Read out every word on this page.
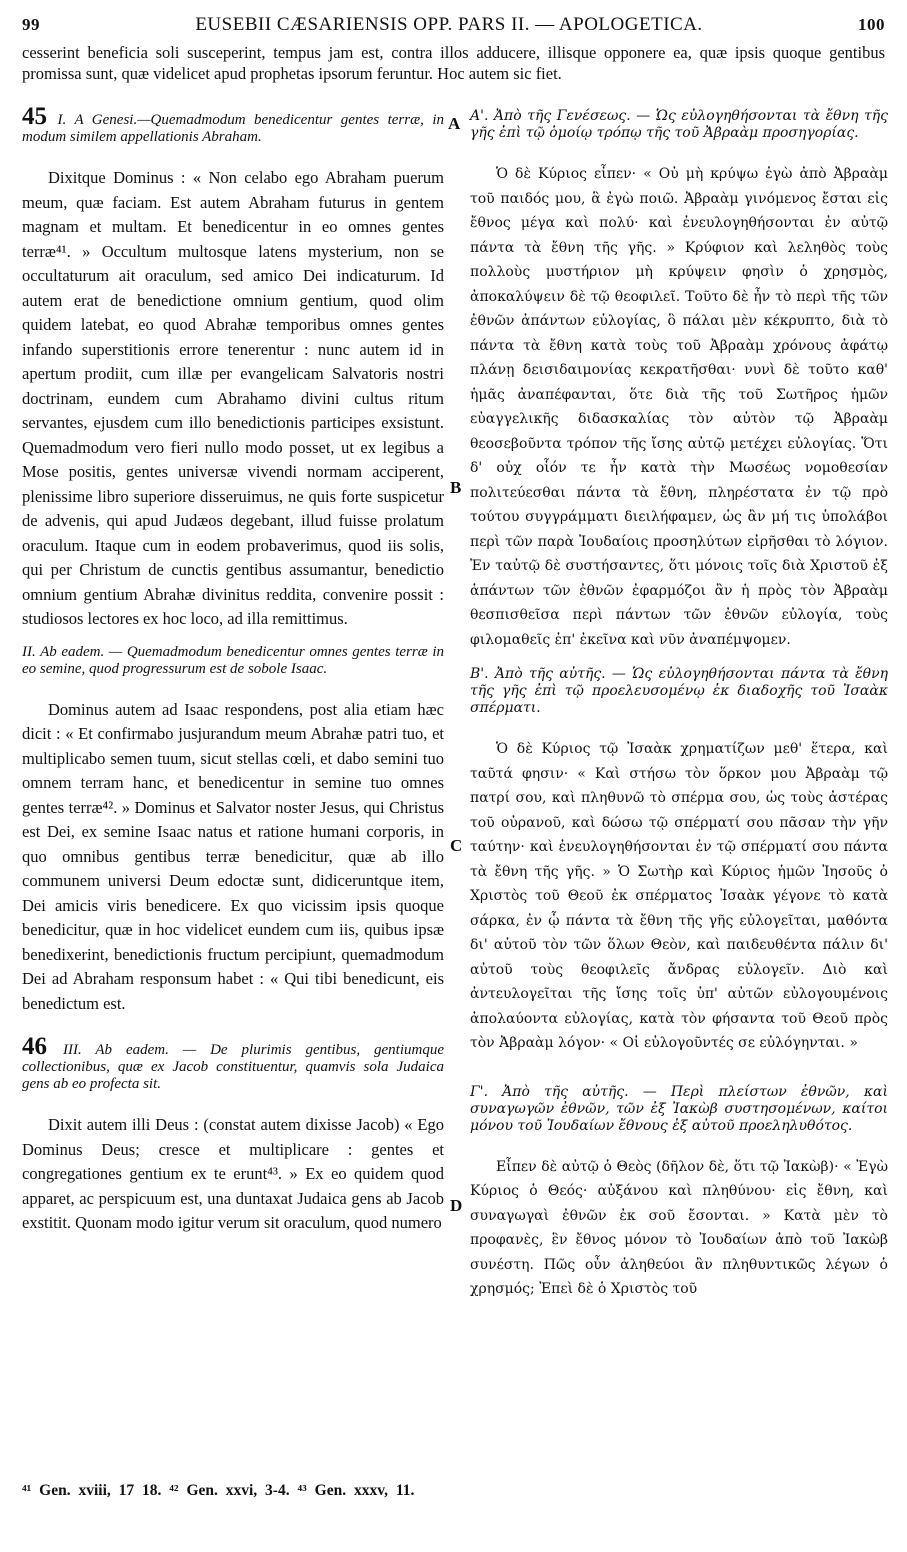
99	EUSEBII CÆSARIENSIS OPP. PARS II. — APOLOGETICA.	100
cesserint beneficia soli susceperint, tempus jam est, contra illos adducere, illisque opponere ea, quæ ipsis quoque gentibus promissa sunt, quæ videlicet apud prophetas ipsorum feruntur. Hoc autem sic fiet.
45 I. A Genesi.—Quemadmodum benedicentur gentes terræ, in modum similem appellationis Abraham.

Dixitque Dominus : « Non celabo ego Abraham puerum meum, quæ faciam. Est autem Abraham futurus in gentem magnam et multam. Et benedicentur in eo omnes gentes terræ⁴¹. » Occultum multosque latens mysterium, non se occultaturum ait oraculum, sed amico Dei indicaturum. Id autem erat de benedictione omnium gentium, quod olim quidem latebat, eo quod Abrahæ temporibus omnes gentes infando superstitionis errore tenerentur : nunc autem id in apertum prodiit, cum illæ per evangelicam Salvatoris nostri doctrinam, eundem cum Abrahamo divini cultus ritum servantes, ejusdem cum illo benedictionis participes exsistunt. Quemadmodum vero fieri nullo modo posset, ut ex legibus a Mose positis, gentes universæ vivendi normam acciperent, plenissime libro superiore disseruimus, ne quis forte suspicetur de advenis, qui apud Judæos degebant, illud fuisse prolatum oraculum. Itaque cum in eodem probaverimus, quod iis solis, qui per Christum de cunctis gentibus assumantur, benedictio omnium gentium Abrahæ divinitus reddita, convenire possit : studiosos lectores ex hoc loco, ad illa remittimus.

II. Ab eadem. — Quemadmodum benedicentur omnes gentes terræ in eo semine, quod progressurum est de sobole Isaac.

Dominus autem ad Isaac respondens, post alia etiam hæc dicit : « Et confirmabo jusjurandum meum Abrahæ patri tuo, et multiplicabo semen tuum, sicut stellas cœli, et dabo semini tuo omnem terram hanc, et benedicentur in semine tuo omnes gentes terræ⁴². » Dominus et Salvator noster Jesus, qui Christus est Dei, ex semine Isaac natus et ratione humani corporis, in quo omnibus gentibus terræ benedicitur, quæ ab illo communem universi Deum edoctæ sunt, didiceruntque item, Dei amicis viris benedicere. Ex quo vicissim ipsis quoque benedicitur, quæ in hoc videlicet eundem cum iis, quibus ipsæ benedixerint, benedictionis fructum percipiunt, quemadmodum Dei ad Abraham responsum habet : « Qui tibi benedicunt, eis benedictum est.

46 III. Ab eadem. — De plurimis gentibus, gentiumque collectionibus, quæ ex Jacob constituentur, quamvis sola Judaica gens ab eo profecta sit.

Dixit autem illi Deus : (constat autem dixisse Jacob) « Ego Dominus Deus; cresce et multiplicare : gentes et congregationes gentium ex te erunt⁴³. » Ex eo quidem quod apparet, ac perspicuum est, una duntaxat Judaica gens ab Jacob exstitit. Quonam modo igitur verum sit oraculum, quod numero

A
B
C
D
Α'. Ἀπὸ τῆς Γενέσεως. — Ὡς εὐλογηθήσονται τὰ ἔθνη τῆς γῆς ἐπὶ τῷ ὁμοίῳ τρόπῳ τῆς τοῦ Ἀβραὰμ προσηγορίας.

Ὁ δὲ Κύριος εἶπεν· « Οὐ μὴ κρύψω ἐγὼ ἀπὸ Ἀβραὰμ τοῦ παιδός μου, ἃ ἐγὼ ποιῶ. Ἀβραὰμ γινόμενος ἔσται εἰς ἔθνος μέγα καὶ πολύ· καὶ ἐνευλογηθήσονται ἐν αὐτῷ πάντα τὰ ἔθνη τῆς γῆς. » Κρύφιον καὶ λεληθὸς τοὺς πολλοὺς μυστήριον μὴ κρύψειν φησὶν ὁ χρησμὸς, ἀποκαλύψειν δὲ τῷ θεοφιλεῖ. Τοῦτο δὲ ἦν τὸ περὶ τῆς τῶν ἐθνῶν ἁπάντων εὐλογίας, ὃ πάλαι μὲν κέκρυπτο, διὰ τὸ πάντα τὰ ἔθνη κατὰ τοὺς τοῦ Ἀβραὰμ χρόνους ἀφάτῳ πλάνῃ δεισιδαιμονίας κεκρατῆσθαι· νυνὶ δὲ τοῦτο καθ' ἡμᾶς ἀναπέφανται, ὅτε διὰ τῆς τοῦ Σωτῆρος ἡμῶν εὐαγγελικῆς διδασκαλίας τὸν αὐτὸν τῷ Ἀβραὰμ θεοσεβοῦντα τρόπον τῆς ἴσης αὐτῷ μετέχει εὐλογίας. Ὅτι δ' οὐχ οἷόν τε ἦν κατὰ τὴν Μωσέως νομοθεσίαν πολιτεύεσθαι πάντα τὰ ἔθνη, πληρέστατα ἐν τῷ πρὸ τούτου συγγράμματι διειλήφαμεν, ὡς ἂν μή τις ὑπολάβοι περὶ τῶν παρὰ Ἰουδαίοις προσηλύτων εἰρῆσθαι τὸ λόγιον. Ἐν ταὐτῷ δὲ συστήσαντες, ὅτι μόνοις τοῖς διὰ Χριστοῦ ἐξ ἁπάντων τῶν ἐθνῶν ἐφαρμόζοι ἂν ἡ πρὸς τὸν Ἀβραὰμ θεσπισθεῖσα περὶ πάντων τῶν ἐθνῶν εὐλογία, τοὺς φιλομαθεῖς ἐπ' ἐκεῖνα καὶ νῦν ἀναπέμψομεν.

Β'. Ἀπὸ τῆς αὐτῆς. — Ὡς εὐλογηθήσονται πάντα τὰ ἔθνη τῆς γῆς ἐπὶ τῷ προελευσομένῳ ἐκ διαδοχῆς τοῦ Ἰσαὰκ σπέρματι.

Ὁ δὲ Κύριος τῷ Ἰσαὰκ χρηματίζων μεθ' ἕτερα, καὶ ταῦτά φησιν· « Καὶ στήσω τὸν ὅρκον μου Ἀβραὰμ τῷ πατρί σου, καὶ πληθυνῶ τὸ σπέρμα σου, ὡς τοὺς ἀστέρας τοῦ οὐρανοῦ, καὶ δώσω τῷ σπέρματί σου πᾶσαν τὴν γῆν ταύτην· καὶ ἐνευλογηθήσονται ἐν τῷ σπέρματί σου πάντα τὰ ἔθνη τῆς γῆς. » Ὁ Σωτὴρ καὶ Κύριος ἡμῶν Ἰησοῦς ὁ Χριστὸς τοῦ Θεοῦ ἐκ σπέρματος Ἰσαὰκ γέγονε τὸ κατὰ σάρκα, ἐν ᾧ πάντα τὰ ἔθνη τῆς γῆς εὐλογεῖται, μαθόντα δι' αὐτοῦ τὸν τῶν ὅλων Θεὸν, καὶ παιδευθέντα πάλιν δι' αὐτοῦ τοὺς θεοφιλεῖς ἄνδρας εὐλογεῖν. Διὸ καὶ ἀντευλογεῖται τῆς ἴσης τοῖς ὑπ' αὐτῶν εὐλογουμένοις ἀπολαύοντα εὐλογίας, κατὰ τὸν φήσαντα τοῦ Θεοῦ πρὸς τὸν Ἀβραὰμ λόγον· « Οἱ εὐλογοῦντές σε εὐλόγηνται. »

Γ'. Ἀπὸ τῆς αὐτῆς. — Περὶ πλείστων ἐθνῶν, καὶ συναγωγῶν ἐθνῶν, τῶν ἐξ Ἰακὼβ συστησομένων, καίτοι μόνου τοῦ Ἰουδαίων ἔθνους ἐξ αὐτοῦ προεληλυθότος.

Εἶπεν δὲ αὐτῷ ὁ Θεὸς (δῆλον δὲ, ὅτι τῷ Ἰακὼβ)· « Ἐγὼ Κύριος ὁ Θεός· αὐξάνου καὶ πληθύνου· εἰς ἔθνη, καὶ συναγωγαὶ ἐθνῶν ἐκ σοῦ ἔσονται. » Κατὰ μὲν τὸ προφανὲς, ἓν ἔθνος μόνον τὸ Ἰουδαίων ἀπὸ τοῦ Ἰακὼβ συνέστη. Πῶς οὖν ἀληθεύοι ἂν πληθυντικῶς λέγων ὁ χρησμός; Ἐπεὶ δὲ ὁ Χριστὸς τοῦ

⁴¹ Gen. xviii, 17 18. ⁴² Gen. xxvi, 3-4. ⁴³ Gen. xxxv, 11.
